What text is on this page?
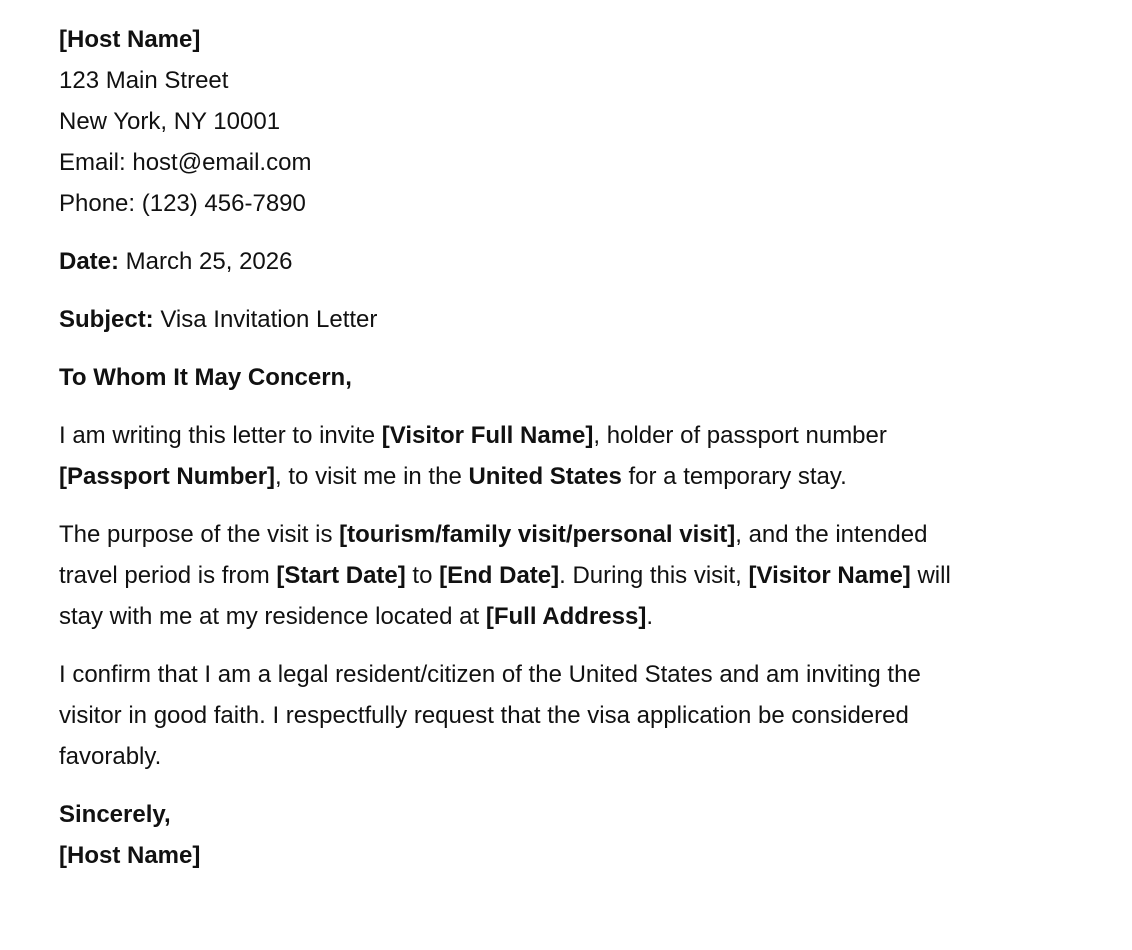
[Host Name]
123 Main Street
New York, NY 10001
Email: host@email.com
Phone: (123) 456-7890
Date: March 25, 2026
Subject: Visa Invitation Letter
To Whom It May Concern,
I am writing this letter to invite [Visitor Full Name], holder of passport number
[Passport Number], to visit me in the United States for a temporary stay.
The purpose of the visit is [tourism/family visit/personal visit], and the intended
travel period is from [Start Date] to [End Date]. During this visit, [Visitor Name] will
stay with me at my residence located at [Full Address].
I confirm that I am a legal resident/citizen of the United States and am inviting the
visitor in good faith. I respectfully request that the visa application be considered
favorably.
Sincerely,
[Host Name]
